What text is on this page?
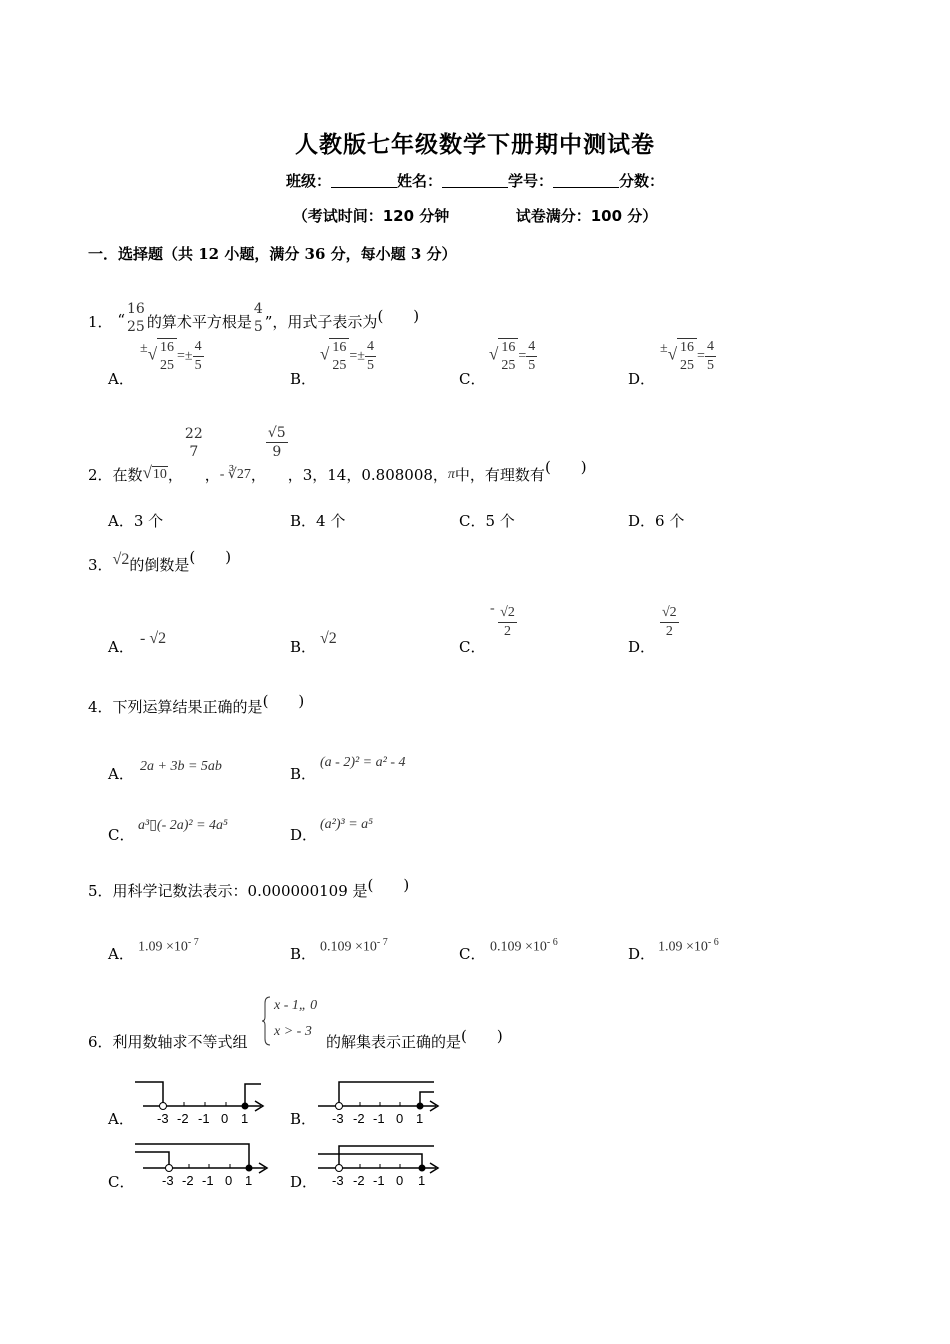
人教版七年级数学下册期中测试卷
班级：	姓名：	学号：	分数：
（考试时间：120 分钟	试卷满分：100 分）
一．选择题（共 12 小题，满分 36 分，每小题 3 分）
1． “
16
25 的算术平方根是
4
5 ”，用式子表示为(　　)
A．
±√ 16
25
=± $\frac{4}{5}$
B．
√ 16
25
=± $\frac{4}{5}$
C．
√ 16
25
= $\frac{4}{5}$
D．
±√ 16
25
= $\frac{4}{5}$
2．在数√10，
22
7
，- ∛27，
$\frac{√5}{9}$
，3，14，0.808008，π中，有理数有(　　)
A．3 个	B．4 个	C．5 个	D．6 个
3．√2的倒数是(　　)
A． - √2	B． √2	C．
- $\frac{√2}{2}$
D．
$\frac{√2}{2}$
4．下列运算结果正确的是(　　)
A． 2a + 3b = 5ab	B．
(a - 2)² = a² - 4
C．
a³▯(- 2a)² = 4a⁵
D．
(a²)³ = a⁵
5．用科学记数法表示：0.000000109 是(　　)
A． $1.09 \times 10^{- 7}$
B． $0.109 \times 10^{- 7}$
C． $0.109 \times 10^{- 6}$
D． $1.09 \times 10^{- 6}$
6．利用数轴求不等式组
x - 1„ 0
x > - 3
的解集表示正确的是(　　)
A．	B．
C．	D．
-3 -2 -1 0 1	-3 -2 -1 0 1
-3 -2 -1 0 1	-3 -2 -1 0 1
